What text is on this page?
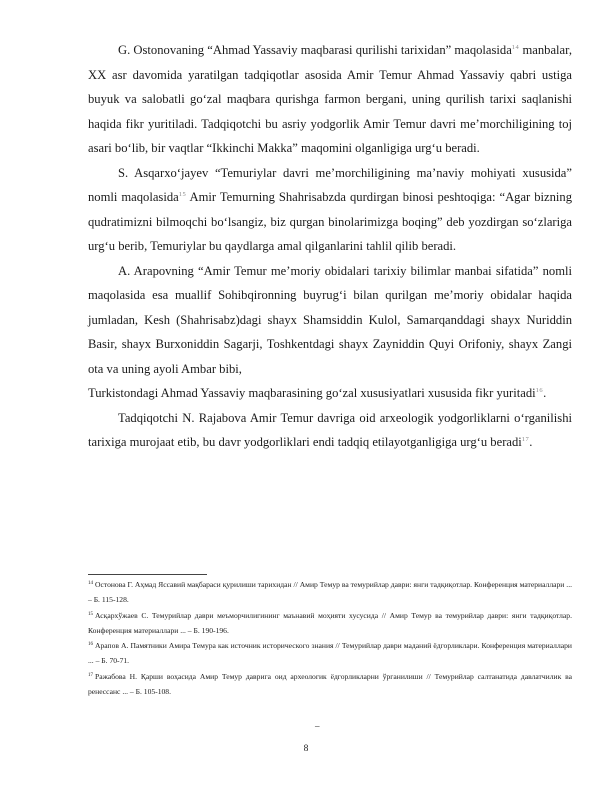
G. Ostonovaning “Ahmad Yassaviy maqbarasi qurilishi tarixidan” maqolasida$^{14}$ manbalar, XX asr davomida yaratilgan tadqiqotlar asosida Amir Temur Ahmad Yassaviy qabri ustiga buyuk va salobatli go‘zal maqbara qurishga farmon bergani, uning qurilish tarixi saqlanishi haqida fikr yuritiladi. Tadqiqotchi bu asriy yodgorlik Amir Temur davri me’morchiligining toj asari bo‘lib, bir vaqtlar “Ikkinchi Makka” maqomini olganligiga urg‘u beradi.

S. Asqarxo‘jayev “Temuriylar davri me’morchiligining ma’naviy mohiyati xususida” nomli maqolasida$^{15}$ Amir Temurning Shahrisabzda qurdirgan binosi peshtoqiga: “Agar bizning qudratimizni bilmoqchi bo‘lsangiz, biz qurgan binolarimizga boqing” deb yozdirgan so‘zlariga urg‘u berib, Temuriylar bu qaydlarga amal qilganlarini tahlil qilib beradi.

A. Arapovning “Amir Temur me’moriy obidalari tarixiy bilimlar manbai sifatida” nomli maqolasida esa muallif Sohibqironning buyrug‘i bilan qurilgan me’moriy obidalar haqida jumladan, Kesh (Shahrisabz)dagi shayx Shamsiddin Kulol, Samarqanddagi shayx Nuriddin Basir, shayx Burxoniddin Sagarji, Toshkentdagi shayx Zayniddin Quyi Orifoniy, shayx Zangi ota va uning ayoli Ambar bibi,

Turkistondagi Ahmad Yassaviy maqbarasining go‘zal xususiyatlari xususida fikr yuritadi$^{16}$.

Tadqiqotchi N. Rajabova Amir Temur davriga oid arxeologik yodgorliklarni o‘rganilishi tarixiga murojaat etib, bu davr yodgorliklari endi tadqiq etilayotganligiga urg‘u beradi$^{17}$.

$^{14}$ Остонова Г. Аҳмад Яссавий мақбараси қурилиши тарихидан // Амир Темур ва темурийлар даври: янги тадқиқотлар. Конференция материаллари ... – Б. 115-128.

$^{15}$ Асқархўжаев С. Темурийлар даври меъморчилигининг маънавий моҳияти хусусида // Амир Темур ва темурийлар даври: янги тадқиқотлар. Конференция материаллари ... – Б. 190-196.

$^{16}$ Арапов А. Памятники Амира Темура как источник исторического знания // Темурийлар даври маданий ёдгорликлари. Конференция материаллари ... – Б. 70-71.

$^{17}$ Ражабова Н. Қарши воҳасида Амир Темур даврига оид археологик ёдгорликларни ўрганилиши // Темурийлар салтанатида давлатчилик ва ренессанс ... – Б. 105-108.

–
8
